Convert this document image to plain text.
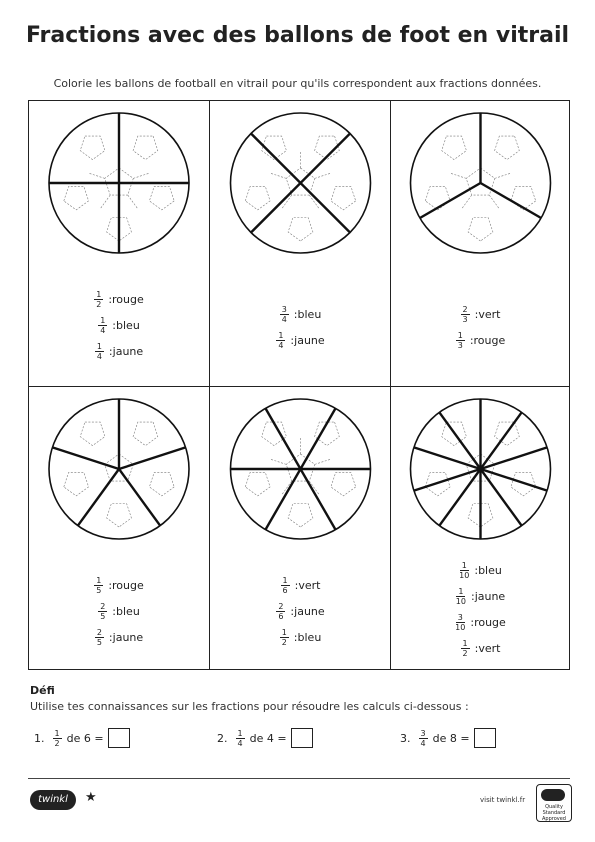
Fractions avec des ballons de foot en vitrail
Colorie les ballons de football en vitrail pour qu'ils correspondent aux fractions données.
$\frac{1}{2}$ : rouge
$\frac{1}{4}$ : bleu
$\frac{1}{4}$ : jaune
$\frac{3}{4}$ : bleu
$\frac{1}{4}$ : jaune
$\frac{2}{3}$ : vert
$\frac{1}{3}$ : rouge
$\frac{1}{5}$ : rouge
$\frac{2}{5}$ : bleu
$\frac{2}{5}$ : jaune
$\frac{1}{6}$ : vert
$\frac{2}{6}$ : jaune
$\frac{1}{2}$ : bleu
$\frac{1}{10}$ : bleu
$\frac{1}{10}$ : jaune
$\frac{3}{10}$ : rouge
$\frac{1}{2}$ : vert
Défi
Utilise tes connaissances sur les fractions pour résoudre les calculs ci-dessous :
1. $\frac{1}{2}$ de 6 =	2. $\frac{1}{4}$ de 4 =	3. $\frac{3}{4}$ de 8 =
twinkl	★	visit twinkl.fr
Quality Standard Approved
